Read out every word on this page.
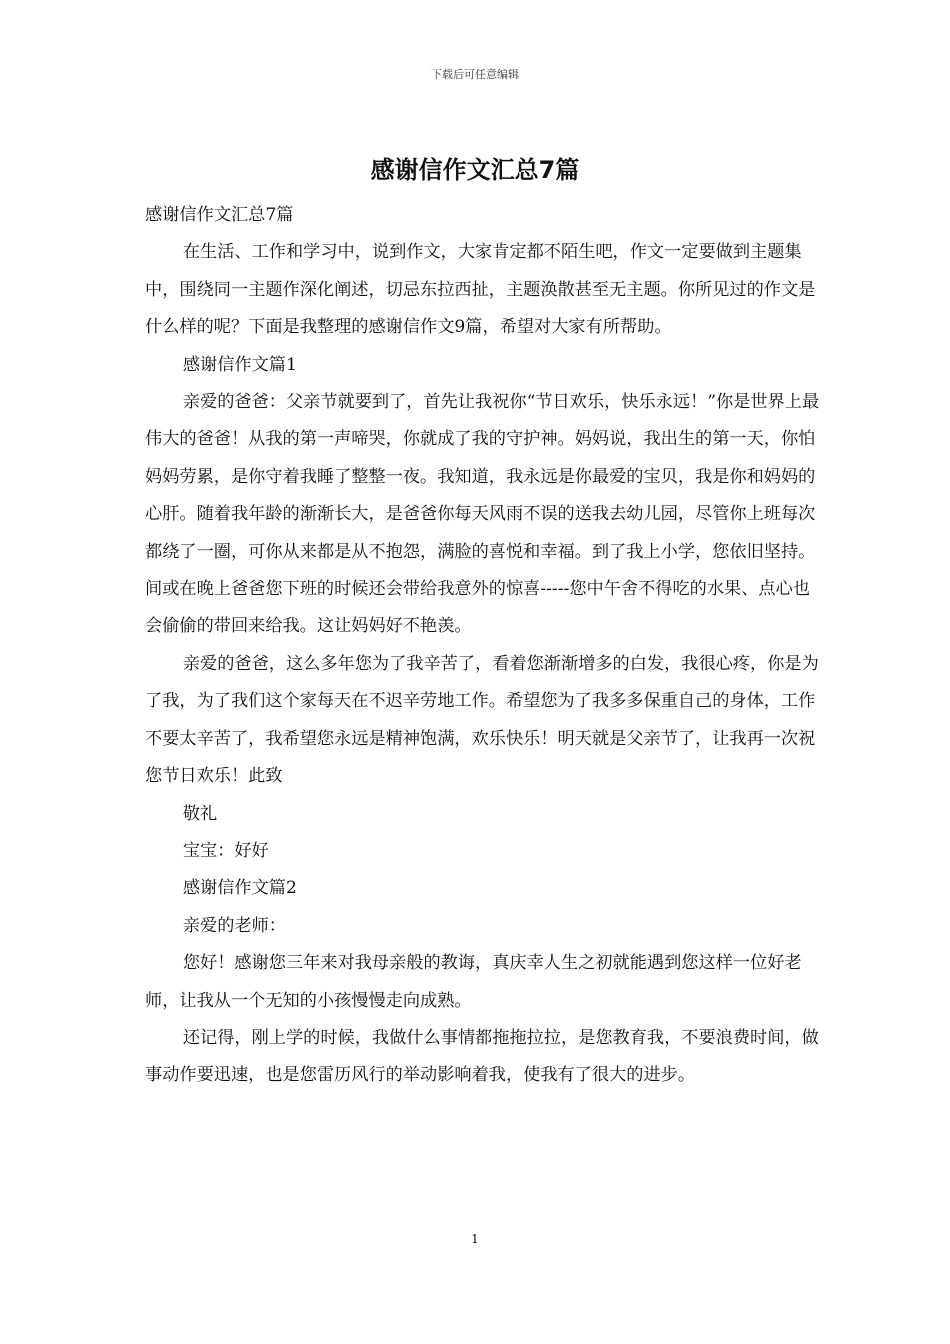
下载后可任意编辑
感谢信作文汇总7篇

感谢信作文汇总7篇

在生活、工作和学习中，说到作文，大家肯定都不陌生吧，作文一定要做到主题集中，围绕同一主题作深化阐述，切忌东拉西扯，主题涣散甚至无主题。你所见过的作文是什么样的呢？下面是我整理的感谢信作文9篇，希望对大家有所帮助。

感谢信作文篇1

亲爱的爸爸：父亲节就要到了，首先让我祝你“节日欢乐，快乐永远！”你是世界上最伟大的爸爸！从我的第一声啼哭，你就成了我的守护神。妈妈说，我出生的第一天，你怕妈妈劳累，是你守着我睡了整整一夜。我知道，我永远是你最爱的宝贝，我是你和妈妈的心肝。随着我年龄的渐渐长大，是爸爸你每天风雨不误的送我去幼儿园，尽管你上班每次都绕了一圈，可你从来都是从不抱怨，满脸的喜悦和幸福。到了我上小学，您依旧坚持。间或在晚上爸爸您下班的时候还会带给我意外的惊喜-----您中午舍不得吃的水果、点心也会偷偷的带回来给我。这让妈妈好不艳羡。

亲爱的爸爸，这么多年您为了我辛苦了，看着您渐渐增多的白发，我很心疼，你是为了我，为了我们这个家每天在不迟辛劳地工作。希望您为了我多多保重自己的身体，工作不要太辛苦了，我希望您永远是精神饱满，欢乐快乐！明天就是父亲节了，让我再一次祝您节日欢乐！此致

敬礼

宝宝：好好

感谢信作文篇2

亲爱的老师：

您好！感谢您三年来对我母亲般的教诲，真庆幸人生之初就能遇到您这样一位好老师，让我从一个无知的小孩慢慢走向成熟。

还记得，刚上学的时候，我做什么事情都拖拖拉拉，是您教育我，不要浪费时间，做事动作要迅速，也是您雷历风行的举动影响着我，使我有了很大的进步。

1
